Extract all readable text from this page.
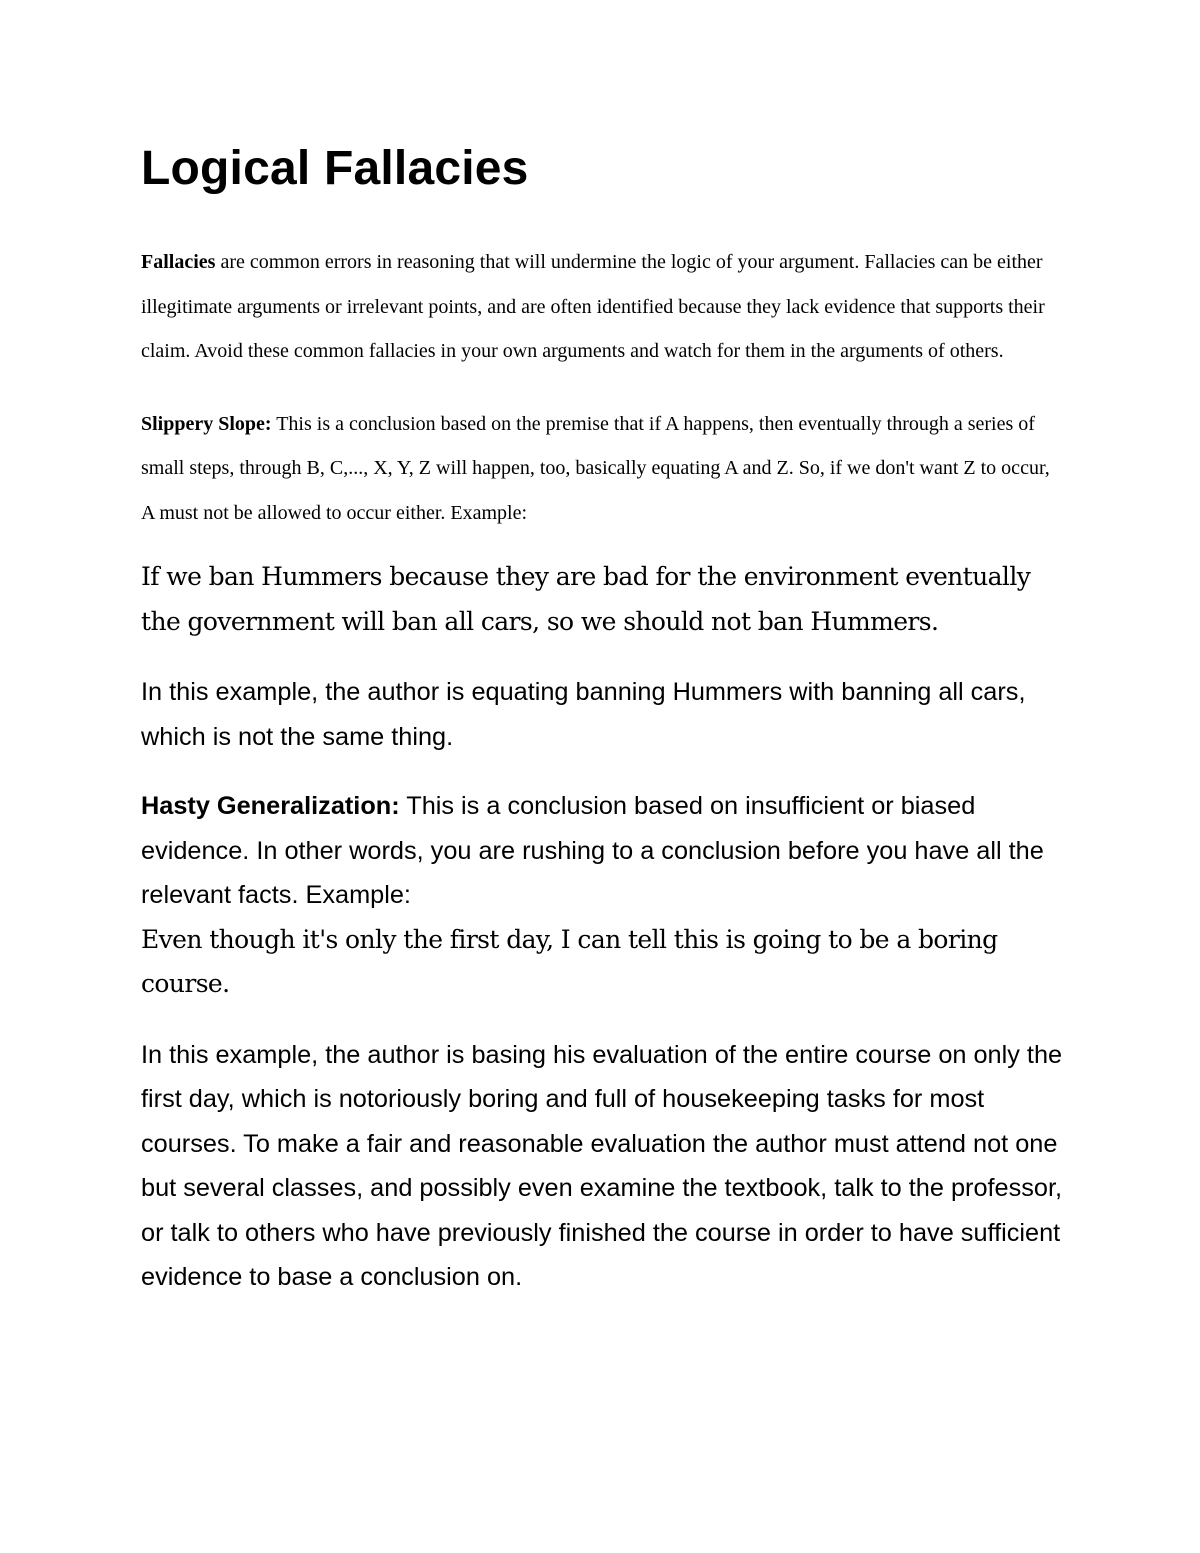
Logical Fallacies

Fallacies are common errors in reasoning that will undermine the logic of your argument. Fallacies can be either illegitimate arguments or irrelevant points, and are often identified because they lack evidence that supports their claim. Avoid these common fallacies in your own arguments and watch for them in the arguments of others.

Slippery Slope: This is a conclusion based on the premise that if A happens, then eventually through a series of small steps, through B, C,..., X, Y, Z will happen, too, basically equating A and Z. So, if we don't want Z to occur, A must not be allowed to occur either. Example:

If we ban Hummers because they are bad for the environment eventually the government will ban all cars, so we should not ban Hummers.

In this example, the author is equating banning Hummers with banning all cars, which is not the same thing.

Hasty Generalization: This is a conclusion based on insufficient or biased evidence. In other words, you are rushing to a conclusion before you have all the relevant facts. Example:

Even though it's only the first day, I can tell this is going to be a boring course.

In this example, the author is basing his evaluation of the entire course on only the first day, which is notoriously boring and full of housekeeping tasks for most courses. To make a fair and reasonable evaluation the author must attend not one but several classes, and possibly even examine the textbook, talk to the professor, or talk to others who have previously finished the course in order to have sufficient evidence to base a conclusion on.
